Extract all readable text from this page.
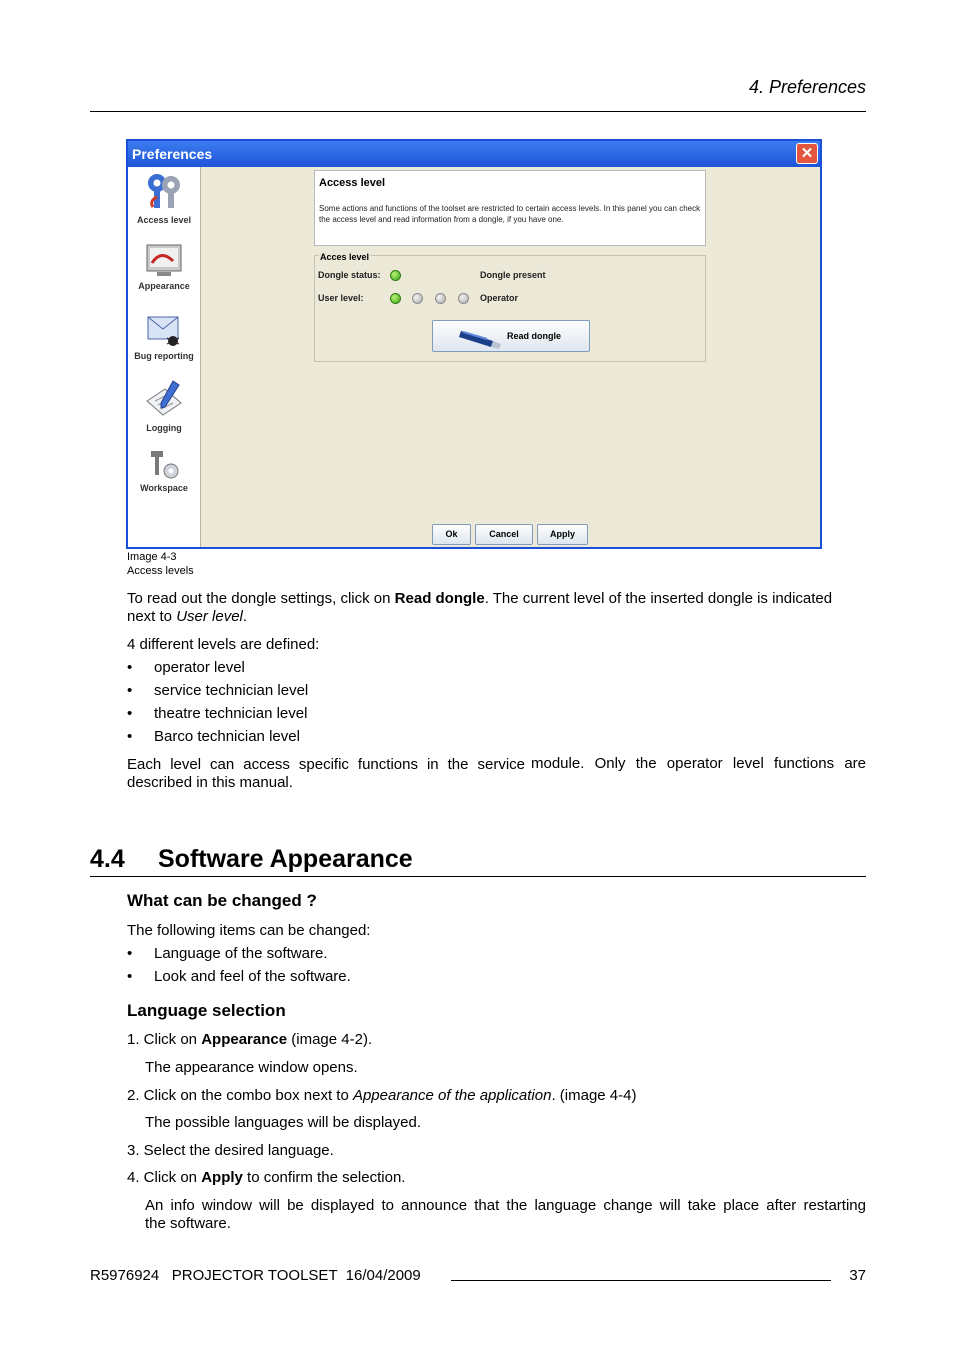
4. Preferences
Preferences	✕
Access level
Appearance
Bug reporting
Logging
Workspace
Access level
Some actions and functions of the toolset are restricted to certain access levels. In this panel you can check the access level and read information from a dongle, if you have one.
Acces level
Dongle status:	Dongle present
User level:	Operator
Read dongle
Ok	Cancel	Apply
Image 4-3
Access levels
To read out the dongle settings, click on Read dongle. The current level of the inserted dongle is indicated
next to User level.
4 different levels are defined:
• operator level
• service technician level
• theatre technician level
• Barco technician level
Each level can access specific functions in the service module. Only the operator level functions are
described in this manual.
4.4 Software Appearance
What can be changed ?
The following items can be changed:
• Language of the software.
• Look and feel of the software.
Language selection
1. Click on Appearance (image 4-2).
The appearance window opens.
2. Click on the combo box next to Appearance of the application. (image 4-4)
The possible languages will be displayed.
3. Select the desired language.
4. Click on Apply to confirm the selection.
An info window will be displayed to announce that the language change will take place after restarting
the software.
R5976924   PROJECTOR TOOLSET  16/04/2009	37
